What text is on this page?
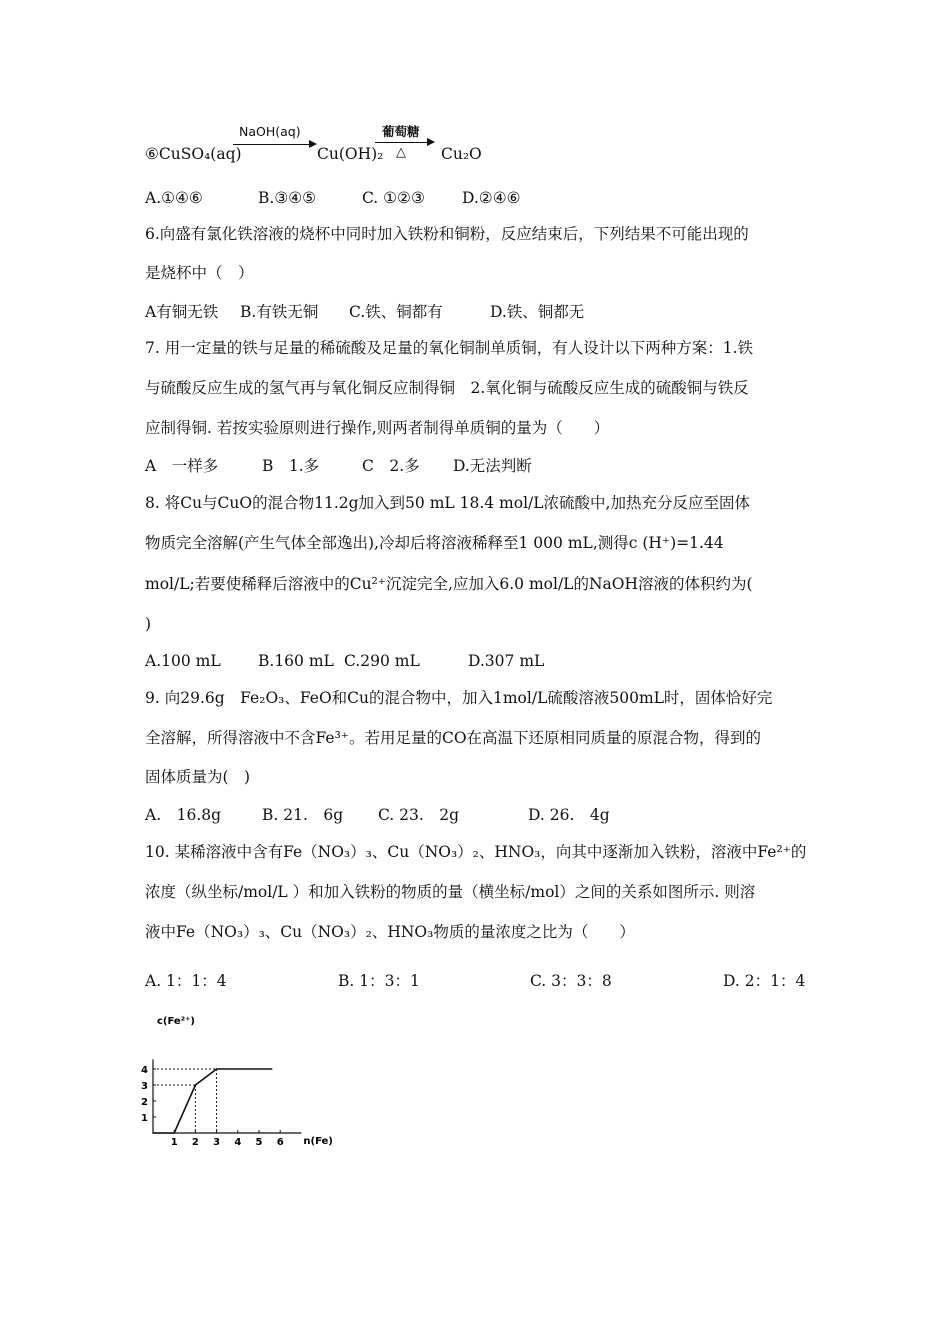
⑥CuSO₄(aq)
NaOH(aq)
Cu(OH)₂
葡萄糖
△ Cu₂O
A.①④⑥	B.③④⑤	C. ①②③ D.②④⑥
6.向盛有氯化铁溶液的烧杯中同时加入铁粉和铜粉，反应结束后，下列结果不可能出现的
是烧杯中（　）
A有铜无铁 B.有铁无铜 C.铁、铜都有	D.铁、铜都无
7. 用一定量的铁与足量的稀硫酸及足量的氧化铜制单质铜，有人设计以下两种方案：1.铁
与硫酸反应生成的氢气再与氧化铜反应制得铜　2.氧化铜与硫酸反应生成的硫酸铜与铁反
应制得铜. 若按实验原则进行操作,则两者制得单质铜的量为（　　）
A　一样多	B　1.多	C　2.多 D.无法判断
8. 将Cu与CuO的混合物11.2g加入到50 mL 18.4 mol/L浓硫酸中,加热充分反应至固体
物质完全溶解(产生气体全部逸出),冷却后将溶液稀释至1 000 mL,测得c (H⁺)=1.44
mol/L;若要使稀释后溶液中的Cu²⁺沉淀完全,应加入6.0 mol/L的NaOH溶液的体积约为(
)
A.100 mL B.160 mL C.290 mL	D.307 mL
9. 向29.6g　Fe₂O₃、FeO和Cu的混合物中，加入1mol/L硫酸溶液500mL时，固体恰好完
全溶解，所得溶液中不含Fe³⁺。若用足量的CO在高温下还原相同质量的原混合物，得到的
固体质量为(　)
A.　16.8g	B. 21.　6g C. 23.　2g	D. 26.　4g
10. 某稀溶液中含有Fe（NO₃）₃、Cu（NO₃）₂、HNO₃，向其中逐渐加入铁粉，溶液中Fe²⁺的
浓度（纵坐标/mol/L ）和加入铁粉的物质的量（横坐标/mol）之间的关系如图所示. 则溶
液中Fe（NO₃）₃、Cu（NO₃）₂、HNO₃物质的量浓度之比为（　　）
A. 1：1：4	B. 1：3：1	C. 3：3：8	D. 2：1：4
c(Fe²⁺)
n(Fe)
1 2 3 4 5 6
1
2
3
4
